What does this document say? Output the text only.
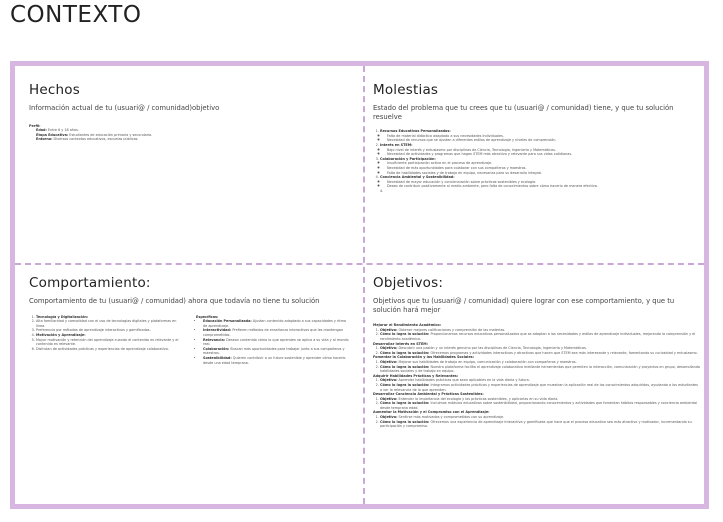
CONTEXTO
Hechos

Información actual de tu (usuari@ / comunidad)objetivo

Perfil:
• Edad: Entre 6 y 18 años.
• Etapa Educativa: Estudiantes de educación primaria y secundaria.
• Entorno: Diversos contextos educativos, escuelas públicas.
Molestias

Estado del problema que tu crees que tu (usuari@ / comunidad) tiene, y que tu solución resuelve

1. Recursos Educativos Personalizados:
◦ Falta de material didáctico adaptado a sus necesidades individuales.
◦ Necesidad de recursos que se ajusten a diferentes estilos de aprendizaje y niveles de comprensión.
2. Interés en STEM:
◦ Bajo nivel de interés y entusiasmo por disciplinas de Ciencia, Tecnología, Ingeniería y Matemáticas.
◦ Necesidad de actividades y programas que hagan STEM más atractivo y relevante para sus vidas cotidianas.
3. Colaboración y Participación:
◦ Insuficiente participación activa en el proceso de aprendizaje.
◦ Necesidad de más oportunidades para colaborar con sus compañeros y maestros.
◦ Falta de habilidades sociales y de trabajo en equipo, necesarias para su desarrollo integral.
4. Conciencia Ambiental y Sostenibilidad:
◦ Necesidad de mayor educación y concienciación sobre prácticas sostenibles y ecología.
◦ Deseo de contribuir positivamente al medio ambiente, pero falta de conocimientos sobre cómo hacerlo de manera efectiva.
4.
Comportamiento:

Comportamiento de tu (usuari@ / comunidad) ahora que todavía no tiene tu solución

1. Tecnología y Digitalización:
2. Alta familiaridad y comodidad con el uso de tecnologías digitales y plataformas en línea.
3. Preferencia por métodos de aprendizaje interactivos y gamificados.
4. Motivación y Aprendizaje:
5. Mayor motivación y retención del aprendizaje cuando el contenido es relevante y el contenido es relevante.
6. Disfrutan de actividades prácticas y experiencias de aprendizaje colaborativo.
Específicas:
• Educación Personalizada: Ajustan contenido adaptado a sus capacidades y ritmo de aprendizaje.
• Interactividad: Prefieren métodos de enseñanza interactivos que les mantengan comprometidos.
• Relevancia: Desean contenido cómo lo que aprenden se aplica a su vida y al mundo real.
• Colaboración: Buscan más oportunidades para trabajar junto a sus compañeros y maestros.
• Sostenibilidad: Quieren contribuir a un futuro sostenible y aprender cómo hacerlo desde una edad temprana.
Objetivos:

Objetivos que tu (usuari@ / comunidad) quiere lograr con ese comportamiento, y que tu solución hará mejor

Mejorar el Rendimiento Académico:
1. Objetivo: Obtener mejores calificaciones y comprensión de las materias.
2. Cómo lo logra la solución: Proporcionamos recursos educativos personalizados que se adaptan a las necesidades y estilos de aprendizaje individuales, mejorando la comprensión y el rendimiento académico.
Desarrollar Interés en STEM:
1. Objetivo: Descubrir una pasión y un interés genuino por las disciplinas de Ciencia, Tecnología, Ingeniería y Matemáticas.
2. Cómo lo logra la solución: Ofrecemos programas y actividades interactivas y atractivas que hacen que STEM sea más interesante y relevante, fomentando su curiosidad y entusiasmo.
Fomentar la Colaboración y las Habilidades Sociales:
1. Objetivo: Mejorar sus habilidades de trabajo en equipo, comunicación y colaboración con compañeros y maestros.
2. Cómo lo logra la solución: Nuestra plataforma facilita el aprendizaje colaborativo mediante herramientas que permiten la interacción, comunicación y proyectos en grupo, desarrollando habilidades sociales y de trabajo en equipo.
Adquirir Habilidades Prácticas y Relevantes:
1. Objetivo: Aprender habilidades prácticas que sean aplicables en la vida diaria y futura.
2. Cómo lo logra la solución: Integramos actividades prácticas y experiencias de aprendizaje que muestran la aplicación real de los conocimientos adquiridos, ayudando a los estudiantes a ver la relevancia de lo que aprenden.
Desarrollar Conciencia Ambiental y Prácticas Sostenibles:
1. Objetivo: Entender la importancia del ecología y las prácticas sostenibles, y aplicarlas en su vida diaria.
2. Cómo lo logra la solución: Incluimos módulos educativos sobre sostenibilidad, proporcionando conocimientos y actividades que fomentan hábitos responsables y conciencia ambiental desde temprana edad.
Aumentar la Motivación y el Compromiso con el Aprendizaje:
1. Objetivo: Sentirse más motivados y comprometidos con su aprendizaje.
2. Cómo lo logra la solución: Ofrecemos una experiencia de aprendizaje interactiva y gamificada que hace que el proceso educativo sea más atractivo y motivador, incrementando su participación y compromiso.
